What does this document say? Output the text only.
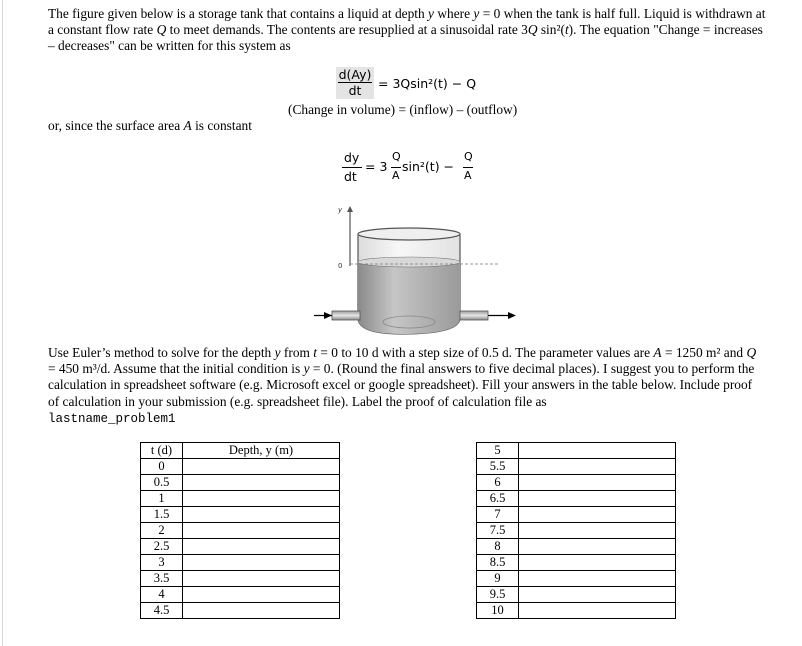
The figure given below is a storage tank that contains a liquid at depth y where y = 0 when the tank is half full. Liquid is withdrawn at a constant flow rate Q to meet demands. The contents are resupplied at a sinusoidal rate 3Q sin²(t). The equation "Change = increases – decreases" can be written for this system as
d(Ay)
dt	= 3Qsin²(t) − Q
(Change in volume) = (inflow) – (outflow)
or, since the surface area A is constant
dy
dt
= 3
Q
A
sin²(t) −
Q
A
y
0
Use Euler’s method to solve for the depth y from t = 0 to 10 d with a step size of 0.5 d. The parameter values are A = 1250 m² and Q = 450 m³/d. Assume that the initial condition is y = 0. (Round the final answers to five decimal places). I suggest you to perform the calculation in spreadsheet software (e.g. Microsoft excel or google spreadsheet). Fill your answers in the table below. Include proof of calculation in your submission (e.g. spreadsheet file). Label the proof of calculation file as
lastname_problem1
t (d)	Depth, y (m)
0	
0.5	
1	
1.5	
2	
2.5	
3	
3.5	
4	
4.5	
5	
5.5	
6	
6.5	
7	
7.5	
8	
8.5	
9	
9.5	
10	
